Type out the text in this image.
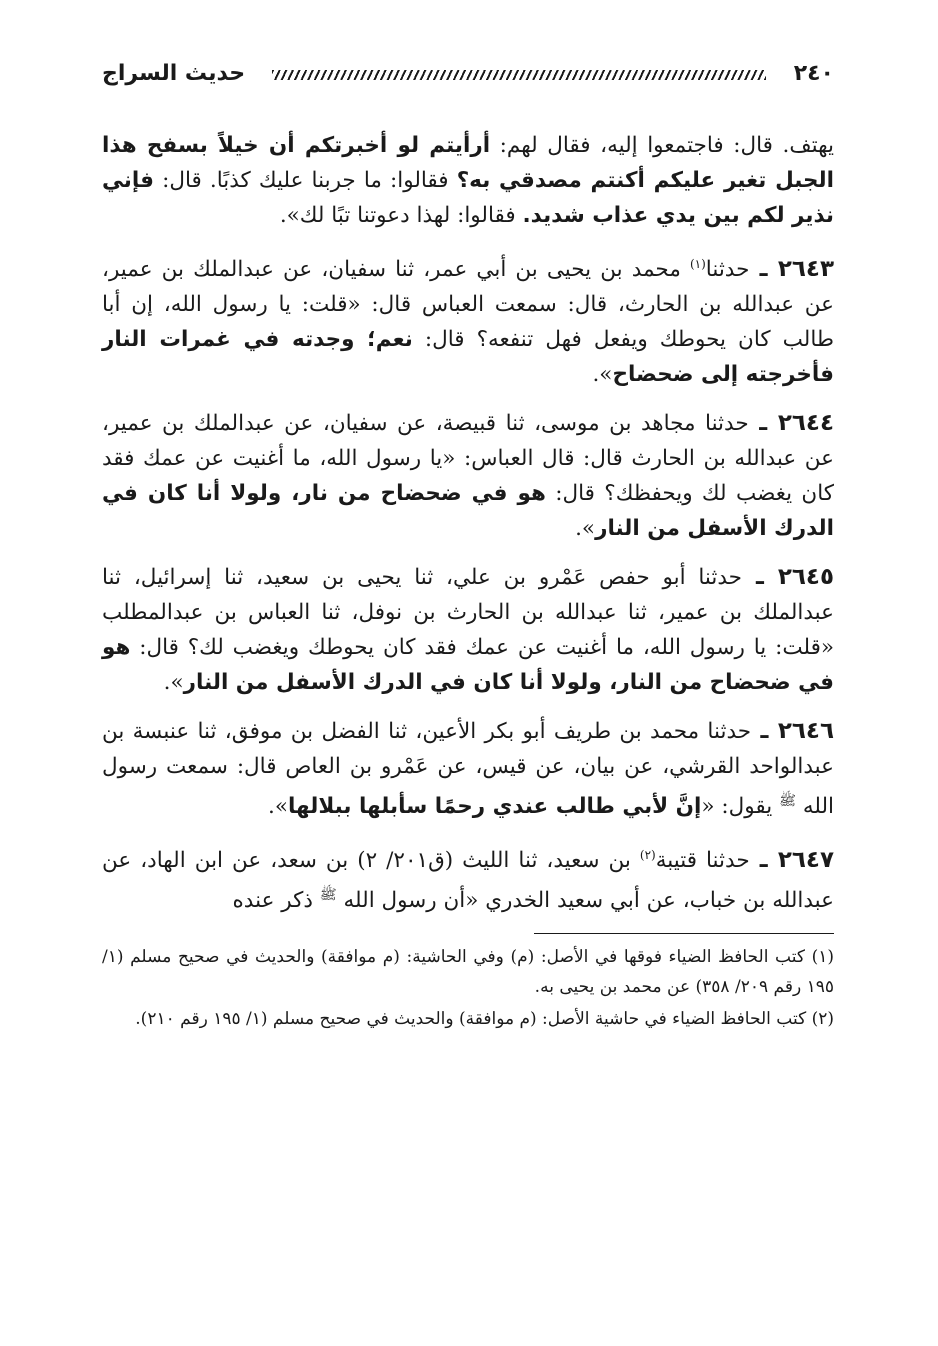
٢٤٠
حديث السراج

يهتف. قال: فاجتمعوا إليه، فقال لهم: أرأيتم لو أخبرتكم أن خيلاً بسفح هذا الجبل تغير عليكم أكنتم مصدقي به؟ فقالوا: ما جربنا عليك كذبًا. قال: فإني نذير لكم بين يدي عذاب شديد. فقالوا: لهذا دعوتنا تبًا لك».

٢٦٤٣ ـ حدثنا$^{(١)}$ محمد بن يحيى بن أبي عمر، ثنا سفيان، عن عبدالملك بن عمير، عن عبدالله بن الحارث، قال: سمعت العباس قال: «قلت: يا رسول الله، إن أبا طالب كان يحوطك ويفعل فهل تنفعه؟ قال: نعم؛ وجدته في غمرات النار فأخرجته إلى ضحضاح».

٢٦٤٤ ـ حدثنا مجاهد بن موسى، ثنا قبيصة، عن سفيان، عن عبدالملك بن عمير، عن عبدالله بن الحارث قال: قال العباس: «يا رسول الله، ما أغنيت عن عمك فقد كان يغضب لك ويحفظك؟ قال: هو في ضحضاح من نار، ولولا أنا كان في الدرك الأسفل من النار».

٢٦٤٥ ـ حدثنا أبو حفص عَمْرو بن علي، ثنا يحيى بن سعيد، ثنا إسرائيل، ثنا عبدالملك بن عمير، ثنا عبدالله بن الحارث بن نوفل، ثنا العباس بن عبدالمطلب «قلت: يا رسول الله، ما أغنيت عن عمك فقد كان يحوطك ويغضب لك؟ قال: هو في ضحضاح من النار، ولولا أنا كان في الدرك الأسفل من النار».

٢٦٤٦ ـ حدثنا محمد بن طريف أبو بكر الأعين، ثنا الفضل بن موفق، ثنا عنبسة بن عبدالواحد القرشي، عن بيان، عن قيس، عن عَمْرو بن العاص قال: سمعت رسول الله $^ﷺ$ يقول: «إنَّ لأبي طالب عندي رحمًا سأبلها ببلالها».

٢٦٤٧ ـ حدثنا قتيبة$^{(٢)}$ بن سعيد، ثنا الليث (ق٢٠١/ ٢) بن سعد، عن ابن الهاد، عن عبدالله بن خباب، عن أبي سعيد الخدري «أن رسول الله $^ﷺ$ ذكر عنده

(١) كتب الحافظ الضياء فوقها في الأصل: (م) وفي الحاشية: (م موافقة) والحديث في صحيح مسلم (١/ ١٩٥ رقم ٢٠٩/ ٣٥٨) عن محمد بن يحيى به.

(٢) كتب الحافظ الضياء في حاشية الأصل: (م موافقة) والحديث في صحيح مسلم (١/ ١٩٥ رقم ٢١٠).
